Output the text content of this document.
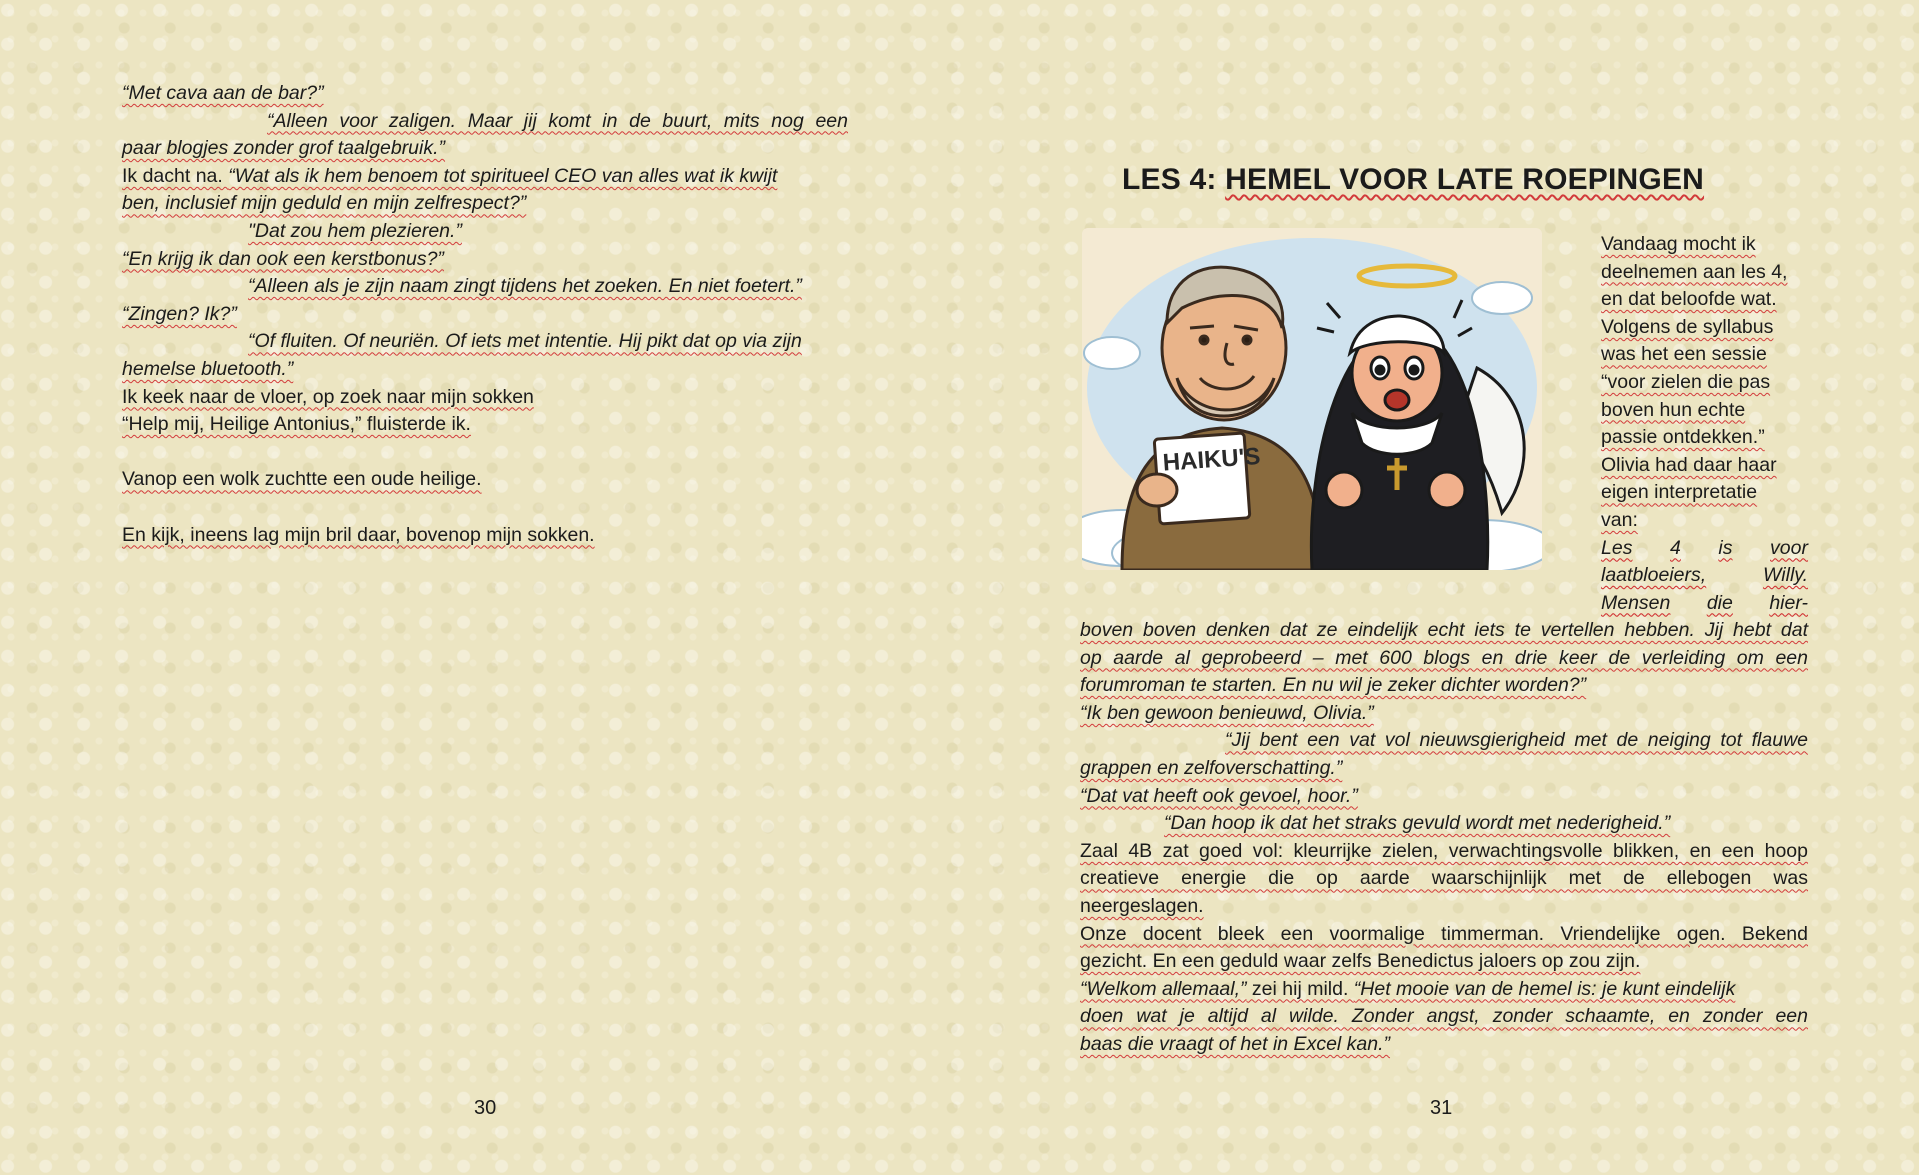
“Met cava aan de bar?”
“Alleen voor zaligen. Maar jij komt in de buurt, mits nog een
paar blogjes zonder grof taalgebruik.”
Ik dacht na. “Wat als ik hem benoem tot spiritueel CEO van alles wat ik kwijt
ben, inclusief mijn geduld en mijn zelfrespect?”
"Dat zou hem plezieren.”
“En krijg ik dan ook een kerstbonus?”
“Alleen als je zijn naam zingt tijdens het zoeken. En niet foetert.”
“Zingen? Ik?”
“Of fluiten. Of neuriën. Of iets met intentie. Hij pikt dat op via zijn
hemelse bluetooth.”
Ik keek naar de vloer, op zoek naar mijn sokken
“Help mij, Heilige Antonius,” fluisterde ik.
Vanop een wolk zuchtte een oude heilige.
En kijk, ineens lag mijn bril daar, bovenop mijn sokken.
30
LES 4: HEMEL VOOR LATE ROEPINGEN
HAIKU'S
Vandaag mocht ik
deelnemen aan les 4,
en dat beloofde wat.
Volgens de syllabus
was het een sessie
“voor zielen die pas
boven hun echte
passie ontdekken.”
Olivia had daar haar
eigen interpretatie
van:
Les 4 is voor
laatbloeiers,	Willy.
Mensen die hier-
boven boven denken dat ze eindelijk echt iets te vertellen hebben. Jij hebt dat
op aarde al geprobeerd – met 600 blogs en drie keer de verleiding om een
forumroman te starten. En nu wil je zeker dichter worden?”
“Ik ben gewoon benieuwd, Olivia.”
“Jij bent een vat vol nieuwsgierigheid met de neiging tot flauwe
grappen en zelfoverschatting.”
“Dat vat heeft ook gevoel, hoor.”
“Dan hoop ik dat het straks gevuld wordt met nederigheid.”
Zaal 4B zat goed vol: kleurrijke zielen, verwachtingsvolle blikken, en een hoop
creatieve energie die op aarde waarschijnlijk met de ellebogen was
neergeslagen.
Onze docent bleek een voormalige timmerman. Vriendelijke ogen. Bekend
gezicht. En een geduld waar zelfs Benedictus jaloers op zou zijn.
“Welkom allemaal,” zei hij mild. “Het mooie van de hemel is: je kunt eindelijk
doen wat je altijd al wilde. Zonder angst, zonder schaamte, en zonder een
baas die vraagt of het in Excel kan.”
31
